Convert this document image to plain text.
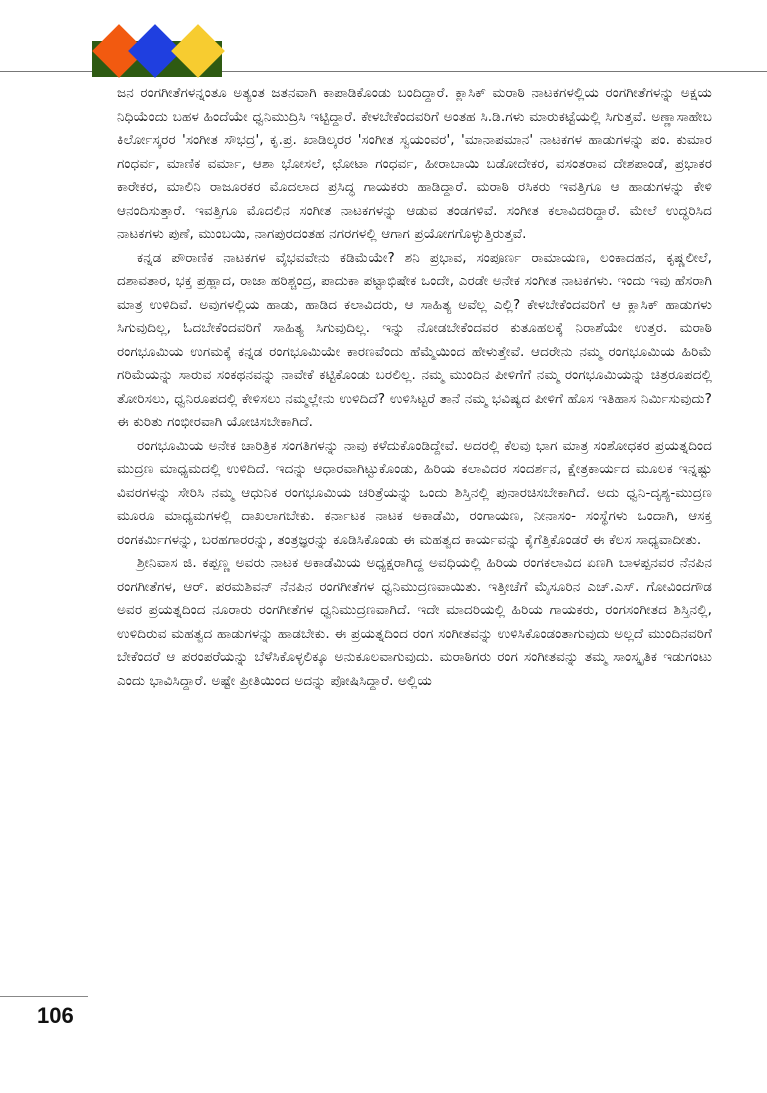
ಜನ ರಂಗಗೀತೆಗಳನ್ನಂತೂ ಅತ್ಯಂತ ಜತನವಾಗಿ ಕಾಪಾಡಿಕೊಂಡು ಬಂದಿದ್ದಾರೆ. ಕ್ಲಾಸಿಕ್ ಮರಾಠಿ ನಾಟಕಗಳಲ್ಲಿಯ ರಂಗಗೀತೆಗಳನ್ನು ಅಕ್ಷಯ ನಿಧಿಯೆಂದು ಬಹಳ ಹಿಂದೆಯೇ ಧ್ವನಿಮುದ್ರಿಸಿ ಇಟ್ಟಿದ್ದಾರೆ. ಕೇಳಬೇಕೆಂದವರಿಗೆ ಅಂತಹ ಸಿ.ಡಿ.ಗಳು ಮಾರುಕಟ್ಟೆಯಲ್ಲಿ ಸಿಗುತ್ತವೆ. ಅಣ್ಣಾಸಾಹೇಬ ಕಿರ್ಲೋಸ್ಕರರ 'ಸಂಗೀತ ಸೌಭದ್ರ', ಕೃ.ಪ್ರ. ಖಾಡಿಲ್ಕರರ 'ಸಂಗೀತ ಸ್ವಯಂವರ', 'ಮಾನಾಪಮಾನ' ನಾಟಕಗಳ ಹಾಡುಗಳನ್ನು ಪಂ. ಕುಮಾರ ಗಂಧರ್ವ, ಮಾಣಿಕ ವರ್ಮಾ, ಆಶಾ ಭೋಸಲೆ, ಛೋಟಾ ಗಂಧರ್ವ, ಹೀರಾಬಾಯಿ ಬಡೋದೇಕರ, ವಸಂತರಾವ ದೇಶಪಾಂಡೆ, ಪ್ರಭಾಕರ ಕಾರೇಕರ, ಮಾಲಿನಿ ರಾಜೂರಕರ ಮೊದಲಾದ ಪ್ರಸಿದ್ಧ ಗಾಯಕರು ಹಾಡಿದ್ದಾರೆ. ಮರಾಠಿ ರಸಿಕರು ಇವತ್ತಿಗೂ ಆ ಹಾಡುಗಳನ್ನು ಕೇಳಿ ಆನಂದಿಸುತ್ತಾರೆ. ಇವತ್ತಿಗೂ ಮೊದಲಿನ ಸಂಗೀತ ನಾಟಕಗಳನ್ನು ಆಡುವ ತಂಡಗಳಿವೆ. ಸಂಗೀತ ಕಲಾವಿದರಿದ್ದಾರೆ. ಮೇಲೆ ಉದ್ಧರಿಸಿದ ನಾಟಕಗಳು ಪುಣೆ, ಮುಂಬಯಿ, ನಾಗಪುರದಂತಹ ನಗರಗಳಲ್ಲಿ ಆಗಾಗ ಪ್ರಯೋಗಗೊಳ್ಳುತ್ತಿರುತ್ತವೆ.

ಕನ್ನಡ ಪೌರಾಣಿಕ ನಾಟಕಗಳ ವೈಭವವೇನು ಕಡಿಮೆಯೇ? ಶನಿ ಪ್ರಭಾವ, ಸಂಪೂರ್ಣ ರಾಮಾಯಣ, ಲಂಕಾದಹನ, ಕೃಷ್ಣಲೀಲೆ, ದಶಾವತಾರ, ಭಕ್ತ ಪ್ರಹ್ಲಾದ, ರಾಜಾ ಹರಿಶ್ಚಂದ್ರ, ಪಾದುಕಾ ಪಟ್ಟಾಭಿಷೇಕ ಒಂದೇ, ಎರಡೇ ಅನೇಕ ಸಂಗೀತ ನಾಟಕಗಳು. ಇಂದು ಇವು ಹೆಸರಾಗಿ ಮಾತ್ರ ಉಳಿದಿವೆ. ಅವುಗಳಲ್ಲಿಯ ಹಾಡು, ಹಾಡಿದ ಕಲಾವಿದರು, ಆ ಸಾಹಿತ್ಯ ಅವೆಲ್ಲ ಎಲ್ಲಿ? ಕೇಳಬೇಕೆಂದವರಿಗೆ ಆ ಕ್ಲಾಸಿಕ್ ಹಾಡುಗಳು ಸಿಗುವುದಿಲ್ಲ, ಓದಬೇಕೆಂದವರಿಗೆ ಸಾಹಿತ್ಯ ಸಿಗುವುದಿಲ್ಲ. ಇನ್ನು ನೋಡಬೇಕೆಂದವರ ಕುತೂಹಲಕ್ಕೆ ನಿರಾಶೆಯೇ ಉತ್ತರ. ಮರಾಠಿ ರಂಗಭೂಮಿಯ ಉಗಮಕ್ಕೆ ಕನ್ನಡ ರಂಗಭೂಮಿಯೇ ಕಾರಣವೆಂದು ಹೆಮ್ಮೆಯಿಂದ ಹೇಳುತ್ತೇವೆ. ಆದರೇನು ನಮ್ಮ ರಂಗಭೂಮಿಯ ಹಿರಿಮೆ ಗರಿಮೆಯನ್ನು ಸಾರುವ ಸಂಕಥನವನ್ನು ನಾವೇಕೆ ಕಟ್ಟಿಕೊಂಡು ಬರಲಿಲ್ಲ. ನಮ್ಮ ಮುಂದಿನ ಪೀಳಿಗೆಗೆ ನಮ್ಮ ರಂಗಭೂಮಿಯನ್ನು ಚಿತ್ರರೂಪದಲ್ಲಿ ತೋರಿಸಲು, ಧ್ವನಿರೂಪದಲ್ಲಿ ಕೇಳಿಸಲು ನಮ್ಮಲ್ಲೇನು ಉಳಿದಿದೆ? ಉಳಿಸಿಟ್ಟರೆ ತಾನೆ ನಮ್ಮ ಭವಿಷ್ಯದ ಪೀಳಿಗೆ ಹೊಸ ಇತಿಹಾಸ ನಿರ್ಮಿಸುವುದು? ಈ ಕುರಿತು ಗಂಭೀರವಾಗಿ ಯೋಚಿಸಬೇಕಾಗಿದೆ.

ರಂಗಭೂಮಿಯ ಅನೇಕ ಚಾರಿತ್ರಿಕ ಸಂಗತಿಗಳನ್ನು ನಾವು ಕಳೆದುಕೊಂಡಿದ್ದೇವೆ. ಅದರಲ್ಲಿ ಕೆಲವು ಭಾಗ ಮಾತ್ರ ಸಂಶೋಧಕರ ಪ್ರಯತ್ನದಿಂದ ಮುದ್ರಣ ಮಾಧ್ಯಮದಲ್ಲಿ ಉಳಿದಿದೆ. ಇದನ್ನು ಆಧಾರವಾಗಿಟ್ಟುಕೊಂಡು, ಹಿರಿಯ ಕಲಾವಿದರ ಸಂದರ್ಶನ, ಕ್ಷೇತ್ರಕಾರ್ಯದ ಮೂಲಕ ಇನ್ನಷ್ಟು ವಿವರಗಳನ್ನು ಸೇರಿಸಿ ನಮ್ಮ ಆಧುನಿಕ ರಂಗಭೂಮಿಯ ಚರಿತ್ರೆಯನ್ನು ಒಂದು ಶಿಸ್ತಿನಲ್ಲಿ ಪುನಾರಚಿಸಬೇಕಾಗಿದೆ. ಅದು ಧ್ವನಿ-ದೃಶ್ಯ-ಮುದ್ರಣ ಮೂರೂ ಮಾಧ್ಯಮಗಳಲ್ಲಿ ದಾಖಲಾಗಬೇಕು. ಕರ್ನಾಟಕ ನಾಟಕ ಅಕಾಡೆಮಿ, ರಂಗಾಯಣ, ನೀನಾಸಂ- ಸಂಸ್ಥೆಗಳು ಒಂದಾಗಿ, ಆಸಕ್ತ ರಂಗಕರ್ಮಿಗಳನ್ನು, ಬರಹಗಾರರನ್ನು, ತಂತ್ರಜ್ಞರನ್ನು ಕೂಡಿಸಿಕೊಂಡು ಈ ಮಹತ್ವದ ಕಾರ್ಯವನ್ನು ಕೈಗೆತ್ತಿಕೊಂಡರೆ ಈ ಕೆಲಸ ಸಾಧ್ಯವಾದೀತು.

ಶ್ರೀನಿವಾಸ ಜಿ. ಕಪ್ಪಣ್ಣ ಅವರು ನಾಟಕ ಅಕಾಡೆಮಿಯ ಅಧ್ಯಕ್ಷರಾಗಿದ್ದ ಅವಧಿಯಲ್ಲಿ ಹಿರಿಯ ರಂಗಕಲಾವಿದ ಏಣಗಿ ಬಾಳಪ್ಪನವರ ನೆನಪಿನ ರಂಗಗೀತೆಗಳ, ಆರ್. ಪರಮಶಿವನ್ ನೆನಪಿನ ರಂಗಗೀತೆಗಳ ಧ್ವನಿಮುದ್ರಣವಾಯಿತು. ಇತ್ತೀಚೆಗೆ ಮೈಸೂರಿನ ಎಚ್.ಎಸ್. ಗೋವಿಂದಗೌಡ ಅವರ ಪ್ರಯತ್ನದಿಂದ ನೂರಾರು ರಂಗಗೀತೆಗಳ ಧ್ವನಿಮುದ್ರಣವಾಗಿದೆ. ಇದೇ ಮಾದರಿಯಲ್ಲಿ ಹಿರಿಯ ಗಾಯಕರು, ರಂಗಸಂಗೀತದ ಶಿಸ್ತಿನಲ್ಲಿ, ಉಳಿದಿರುವ ಮಹತ್ವದ ಹಾಡುಗಳನ್ನು ಹಾಡಬೇಕು. ಈ ಪ್ರಯತ್ನದಿಂದ ರಂಗ ಸಂಗೀತವನ್ನು ಉಳಿಸಿಕೊಂಡಂತಾಗುವುದು ಅಲ್ಲದೆ ಮುಂದಿನವರಿಗೆ ಬೇಕೆಂದರೆ ಆ ಪರಂಪರೆಯನ್ನು ಬೆಳೆಸಿಕೊಳ್ಳಲಿಕ್ಕೂ ಅನುಕೂಲವಾಗುವುದು. ಮರಾಠಿಗರು ರಂಗ ಸಂಗೀತವನ್ನು ತಮ್ಮ ಸಾಂಸ್ಕೃತಿಕ ಇಡುಗಂಟು ಎಂದು ಭಾವಿಸಿದ್ದಾರೆ. ಅಷ್ಟೇ ಪ್ರೀತಿಯಿಂದ ಅದನ್ನು ಪೋಷಿಸಿದ್ದಾರೆ. ಅಲ್ಲಿಯ

106
